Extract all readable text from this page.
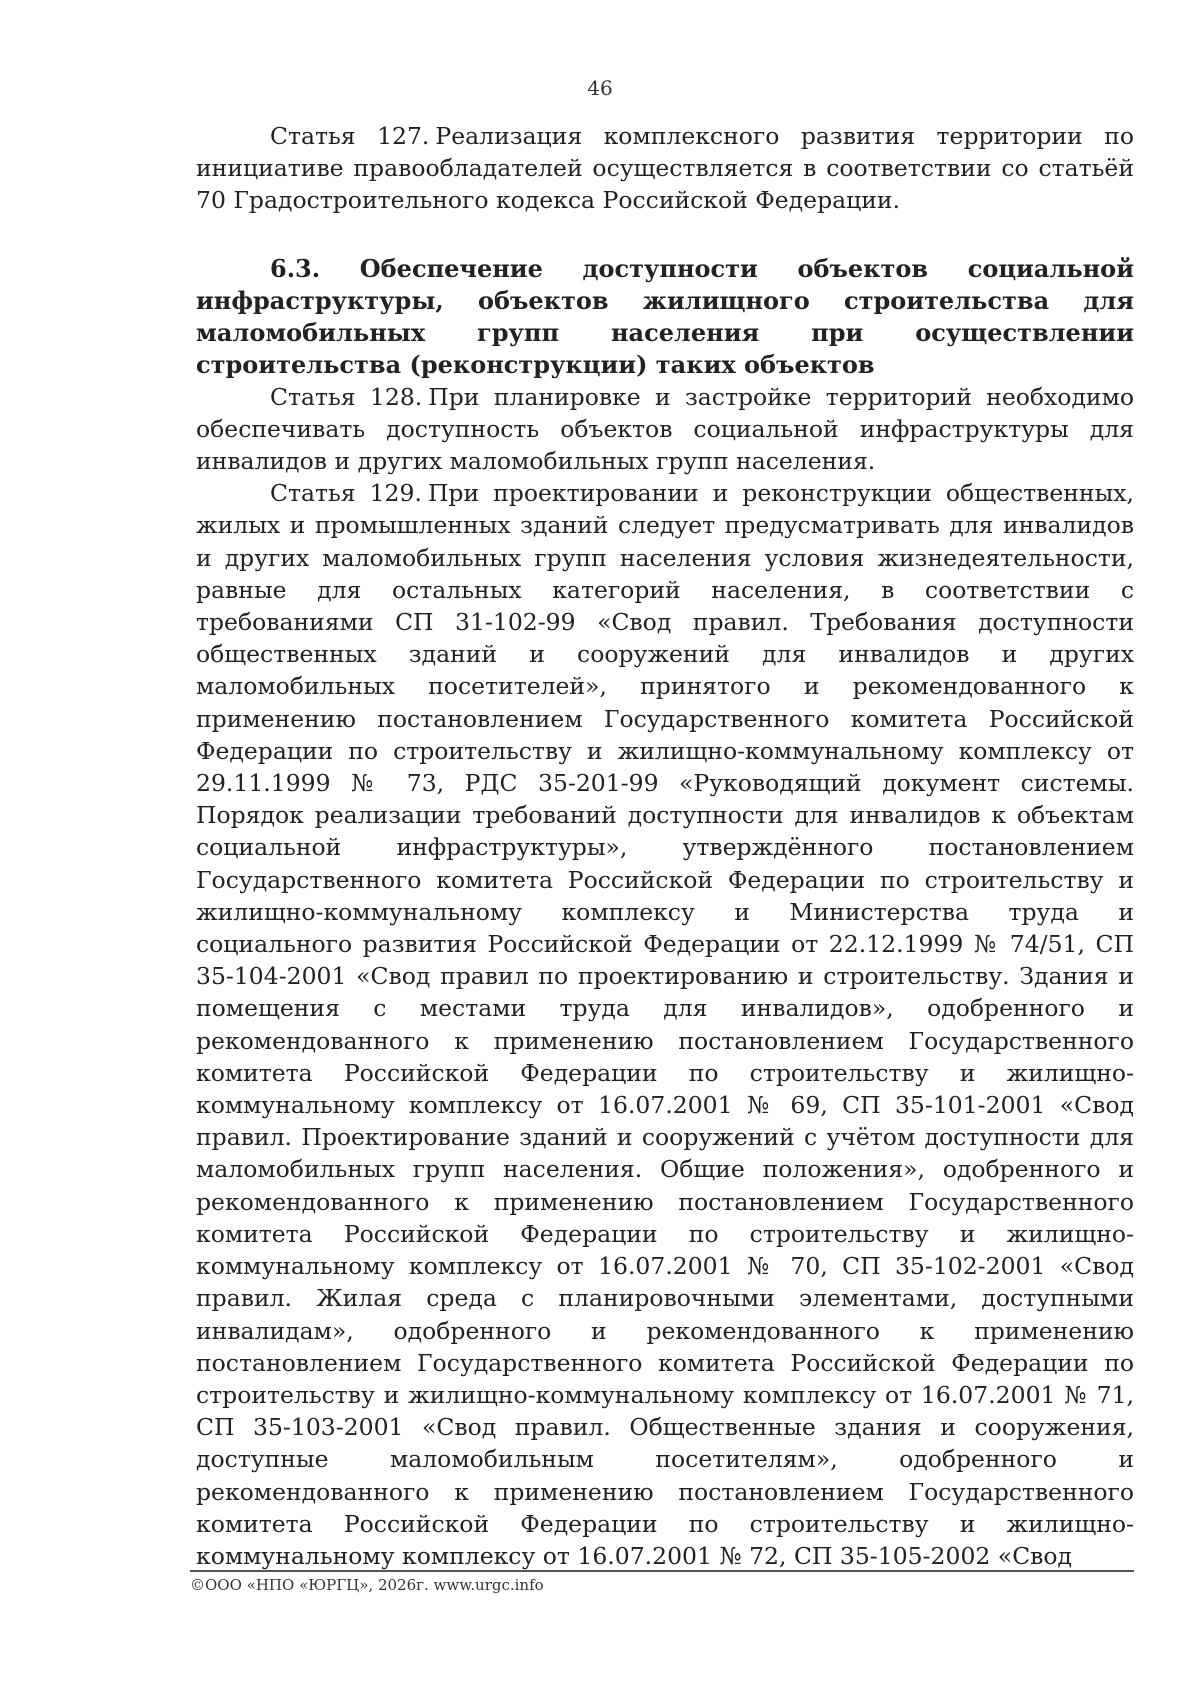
46

Статья 127. Реализация комплексного развития территории по инициативе правообладателей осуществляется в соответствии со статьёй 70 Градостроительного кодекса Российской Федерации.

6.3. Обеспечение доступности объектов социальной инфраструктуры, объектов жилищного строительства для маломобильных групп населения при осуществлении строительства (реконструкции) таких объектов

Статья 128. При планировке и застройке территорий необходимо обеспечивать доступность объектов социальной инфраструктуры для инвалидов и других маломобильных групп населения.

Статья 129. При проектировании и реконструкции общественных, жилых и промышленных зданий следует предусматривать для инвалидов и других маломобильных групп населения условия жизнедеятельности, равные для остальных категорий населения, в соответствии с требованиями СП 31-102-99 «Свод правил. Требования доступности общественных зданий и сооружений для инвалидов и других маломобильных посетителей», принятого и рекомендованного к применению постановлением Государственного комитета Российской Федерации по строительству и жилищно-коммунальному комплексу от 29.11.1999 № 73, РДС 35-201-99 «Руководящий документ системы. Порядок реализации требований доступности для инвалидов к объектам социальной инфраструктуры», утверждённого постановлением Государственного комитета Российской Федерации по строительству и жилищно-коммунальному комплексу и Министерства труда и социального развития Российской Федерации от 22.12.1999 № 74/51, СП 35-104-2001 «Свод правил по проектированию и строительству. Здания и помещения с местами труда для инвалидов», одобренного и рекомендованного к применению постановлением Государственного комитета Российской Федерации по строительству и жилищно-коммунальному комплексу от 16.07.2001 № 69, СП 35-101-2001 «Свод правил. Проектирование зданий и сооружений с учётом доступности для маломобильных групп населения. Общие положения», одобренного и рекомендованного к применению постановлением Государственного комитета Российской Федерации по строительству и жилищно-коммунальному комплексу от 16.07.2001 № 70, СП 35-102-2001 «Свод правил. Жилая среда с планировочными элементами, доступными инвалидам», одобренного и рекомендованного к применению постановлением Государственного комитета Российской Федерации по строительству и жилищно-коммунальному комплексу от 16.07.2001 № 71, СП 35-103-2001 «Свод правил. Общественные здания и сооружения, доступные маломобильным посетителям», одобренного и рекомендованного к применению постановлением Государственного комитета Российской Федерации по строительству и жилищно-коммунальному комплексу от 16.07.2001 № 72, СП 35-105-2002 «Свод

©ООО «НПО «ЮРГЦ», 2026г. www.urgc.info
